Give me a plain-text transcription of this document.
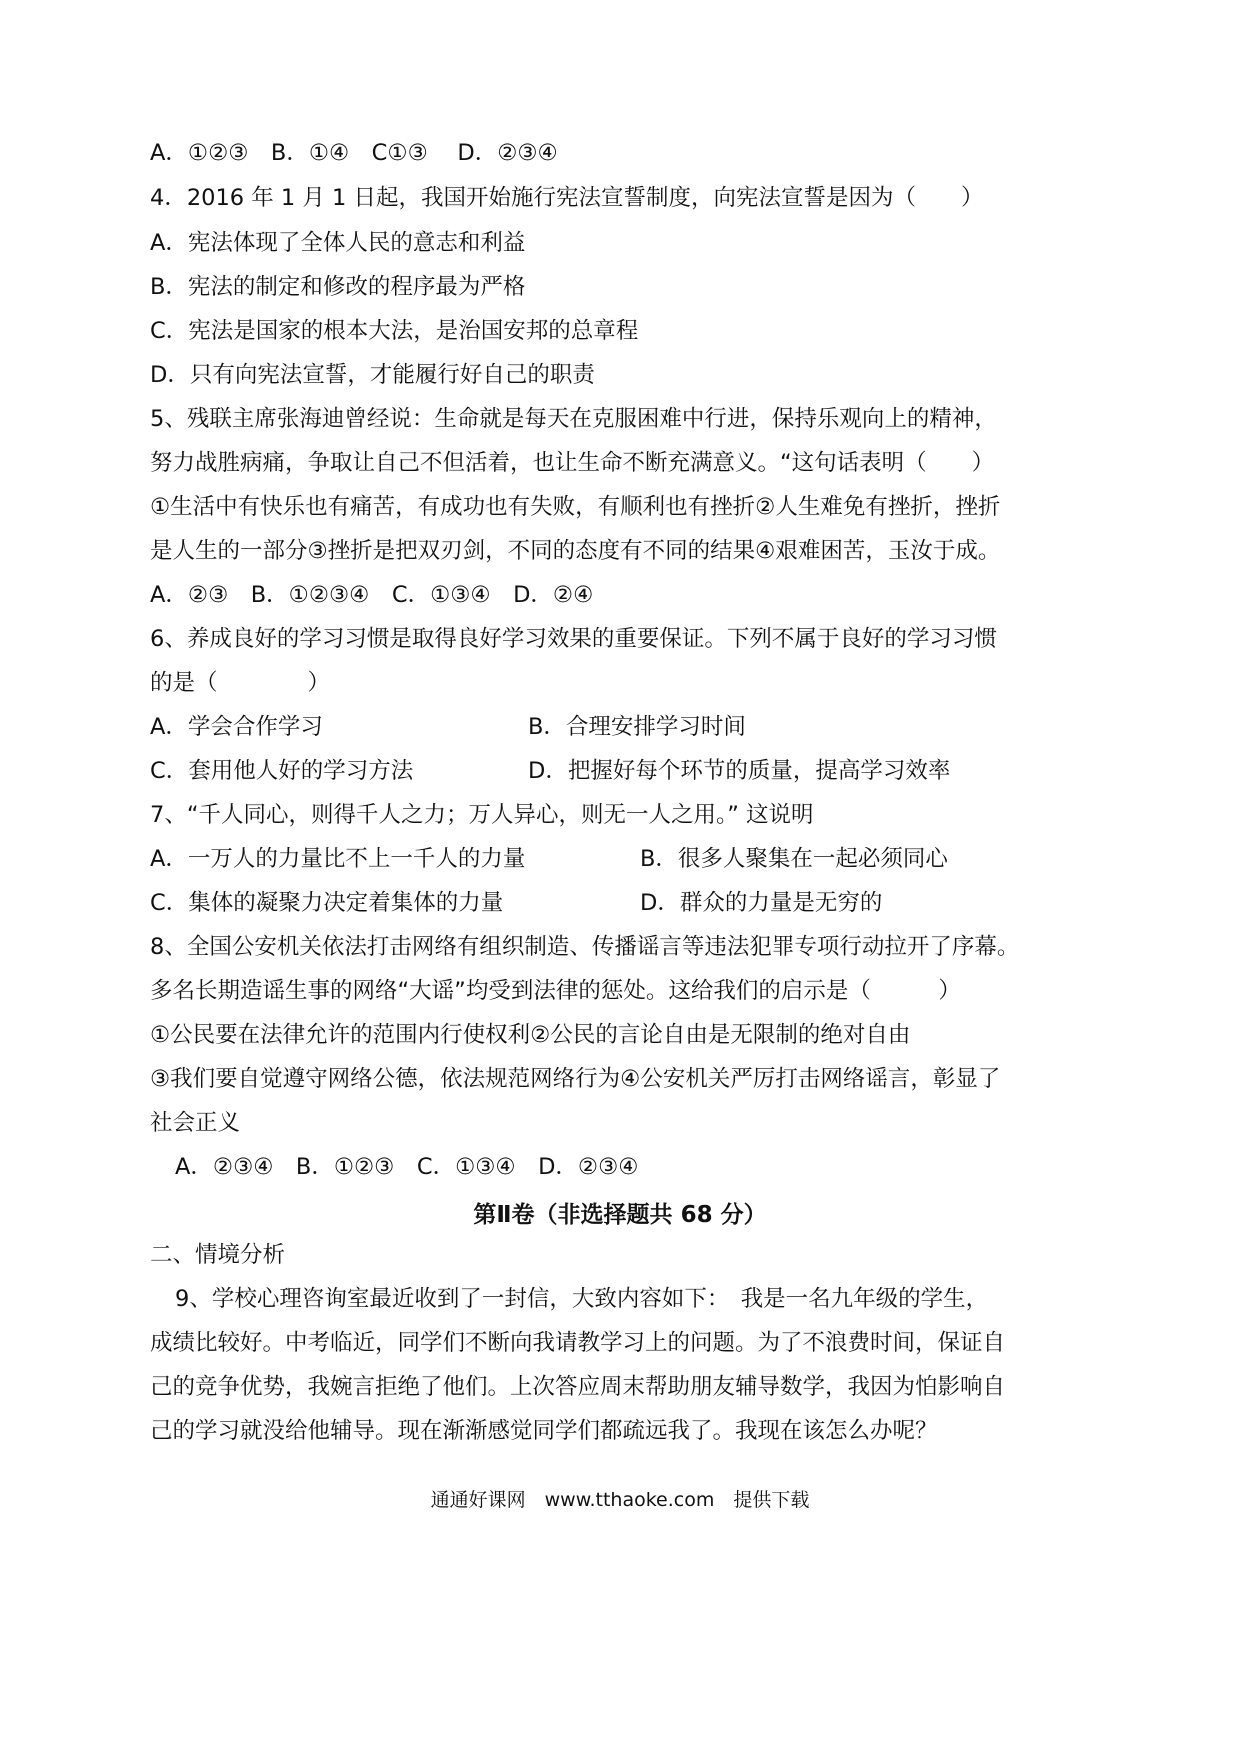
A．①②③　B．①④　C①③　 D．②③④
4．2016 年 1 月 1 日起，我国开始施行宪法宣誓制度，向宪法宣誓是因为（　　）
A．宪法体现了全体人民的意志和利益
B．宪法的制定和修改的程序最为严格
C．宪法是国家的根本大法，是治国安邦的总章程
D．只有向宪法宣誓，才能履行好自己的职责
5、残联主席张海迪曾经说：生命就是每天在克服困难中行进，保持乐观向上的精神，
努力战胜病痛，争取让自己不但活着，也让生命不断充满意义。“这句话表明（　　）
①生活中有快乐也有痛苦，有成功也有失败，有顺利也有挫折②人生难免有挫折，挫折
是人生的一部分③挫折是把双刃剑，不同的态度有不同的结果④艰难困苦，玉汝于成。
A．②③　B．①②③④　C．①③④　D．②④
6、养成良好的学习习惯是取得良好学习效果的重要保证。下列不属于良好的学习习惯
的是（　　　　）
A．学会合作学习	B．合理安排学习时间
C．套用他人好的学习方法	D．把握好每个环节的质量，提高学习效率
7、“千人同心，则得千人之力；万人异心，则无一人之用。” 这说明
A．一万人的力量比不上一千人的力量	B．很多人聚集在一起必须同心
C．集体的凝聚力决定着集体的力量	D．群众的力量是无穷的
8、全国公安机关依法打击网络有组织制造、传播谣言等违法犯罪专项行动拉开了序幕。
多名长期造谣生事的网络“大谣”均受到法律的惩处。这给我们的启示是（　　　）
①公民要在法律允许的范围内行使权利②公民的言论自由是无限制的绝对自由
③我们要自觉遵守网络公德，依法规范网络行为④公安机关严厉打击网络谣言，彰显了
社会正义
A．②③④　B．①②③　C．①③④　D．②③④
第Ⅱ卷（非选择题共 68 分）
二、情境分析
9、学校心理咨询室最近收到了一封信，大致内容如下：　我是一名九年级的学生，
成绩比较好。中考临近，同学们不断向我请教学习上的问题。为了不浪费时间，保证自
己的竞争优势，我婉言拒绝了他们。上次答应周末帮助朋友辅导数学，我因为怕影响自
己的学习就没给他辅导。现在渐渐感觉同学们都疏远我了。我现在该怎么办呢？
通通好课网　www.tthaoke.com　提供下载
